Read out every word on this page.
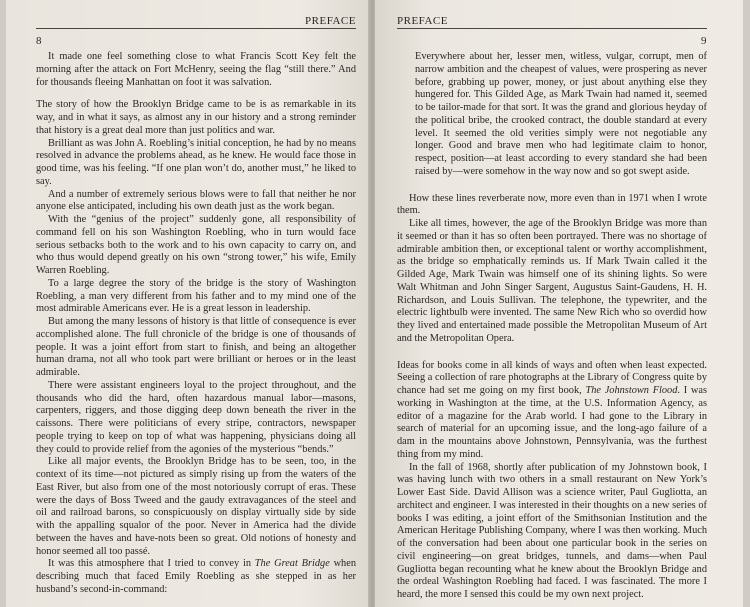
PREFACE
8

It made one feel something close to what Francis Scott Key felt the morning after the attack on Fort McHenry, seeing the flag “still there.” And for thousands fleeing Manhattan on foot it was salvation.

The story of how the Brooklyn Bridge came to be is as remarkable in its way, and in what it says, as almost any in our history and a strong reminder that history is a great deal more than just politics and war.

Brilliant as was John A. Roebling’s initial conception, he had by no means resolved in advance the problems ahead, as he knew. He would face those in good time, was his feeling. “If one plan won’t do, another must,” he liked to say.

And a number of extremely serious blows were to fall that neither he nor anyone else anticipated, including his own death just as the work began.

With the “genius of the project” suddenly gone, all responsibility of command fell on his son Washington Roebling, who in turn would face serious setbacks both to the work and to his own capacity to carry on, and who thus would depend greatly on his own “strong tower,” his wife, Emily Warren Roebling.

To a large degree the story of the bridge is the story of Washington Roebling, a man very different from his father and to my mind one of the most admirable Americans ever. He is a great lesson in leadership.

But among the many lessons of history is that little of consequence is ever accomplished alone. The full chronicle of the bridge is one of thousands of people. It was a joint effort from start to finish, and being an altogether human drama, not all who took part were brilliant or heroes or in the least admirable.

There were assistant engineers loyal to the project throughout, and the thousands who did the hard, often hazardous manual labor—masons, carpenters, riggers, and those digging deep down beneath the river in the caissons. There were politicians of every stripe, contractors, newspaper people trying to keep on top of what was happening, physicians doing all they could to provide relief from the agonies of the mysterious “bends.”

Like all major events, the Brooklyn Bridge has to be seen, too, in the context of its time—not pictured as simply rising up from the waters of the East River, but also from one of the most notoriously corrupt of eras. These were the days of Boss Tweed and the gaudy extravagances of the steel and oil and railroad barons, so conspicuously on display virtually side by side with the appalling squalor of the poor. Never in America had the divide between the haves and have-nots been so great. Old notions of honesty and honor seemed all too passé.

It was this atmosphere that I tried to convey in The Great Bridge when describing much that faced Emily Roebling as she stepped in as her husband’s second-in-command:

PREFACE
9

Everywhere about her, lesser men, witless, vulgar, corrupt, men of narrow ambition and the cheapest of values, were prospering as never before, grabbing up power, money, or just about anything else they hungered for. This Gilded Age, as Mark Twain had named it, seemed to be tailor-made for that sort. It was the grand and glorious heyday of the political bribe, the crooked contract, the double standard at every level. It seemed the old verities simply were not negotiable any longer. Good and brave men who had legitimate claim to honor, respect, position—at least according to every standard she had been raised by—were somehow in the way now and so got swept aside.

How these lines reverberate now, more even than in 1971 when I wrote them.

Like all times, however, the age of the Brooklyn Bridge was more than it seemed or than it has so often been portrayed. There was no shortage of admirable ambition then, or exceptional talent or worthy accomplishment, as the bridge so emphatically reminds us. If Mark Twain called it the Gilded Age, Mark Twain was himself one of its shining lights. So were Walt Whitman and John Singer Sargent, Augustus Saint-Gaudens, H. H. Richardson, and Louis Sullivan. The telephone, the typewriter, and the electric lightbulb were invented. The same New Rich who so overdid how they lived and entertained made possible the Metropolitan Museum of Art and the Metropolitan Opera.

Ideas for books come in all kinds of ways and often when least expected. Seeing a collection of rare photographs at the Library of Congress quite by chance had set me going on my first book, The Johnstown Flood. I was working in Washington at the time, at the U.S. Information Agency, as editor of a magazine for the Arab world. I had gone to the Library in search of material for an upcoming issue, and the long-ago failure of a dam in the mountains above Johnstown, Pennsylvania, was the furthest thing from my mind.

In the fall of 1968, shortly after publication of my Johnstown book, I was having lunch with two others in a small restaurant on New York’s Lower East Side. David Allison was a science writer, Paul Gugliotta, an architect and engineer. I was interested in their thoughts on a new series of books I was editing, a joint effort of the Smithsonian Institution and the American Heritage Publishing Company, where I was then working. Much of the conversation had been about one particular book in the series on civil engineering—on great bridges, tunnels, and dams—when Paul Gugliotta began recounting what he knew about the Brooklyn Bridge and the ordeal Washington Roebling had faced. I was fascinated. The more I heard, the more I sensed this could be my own next project.
